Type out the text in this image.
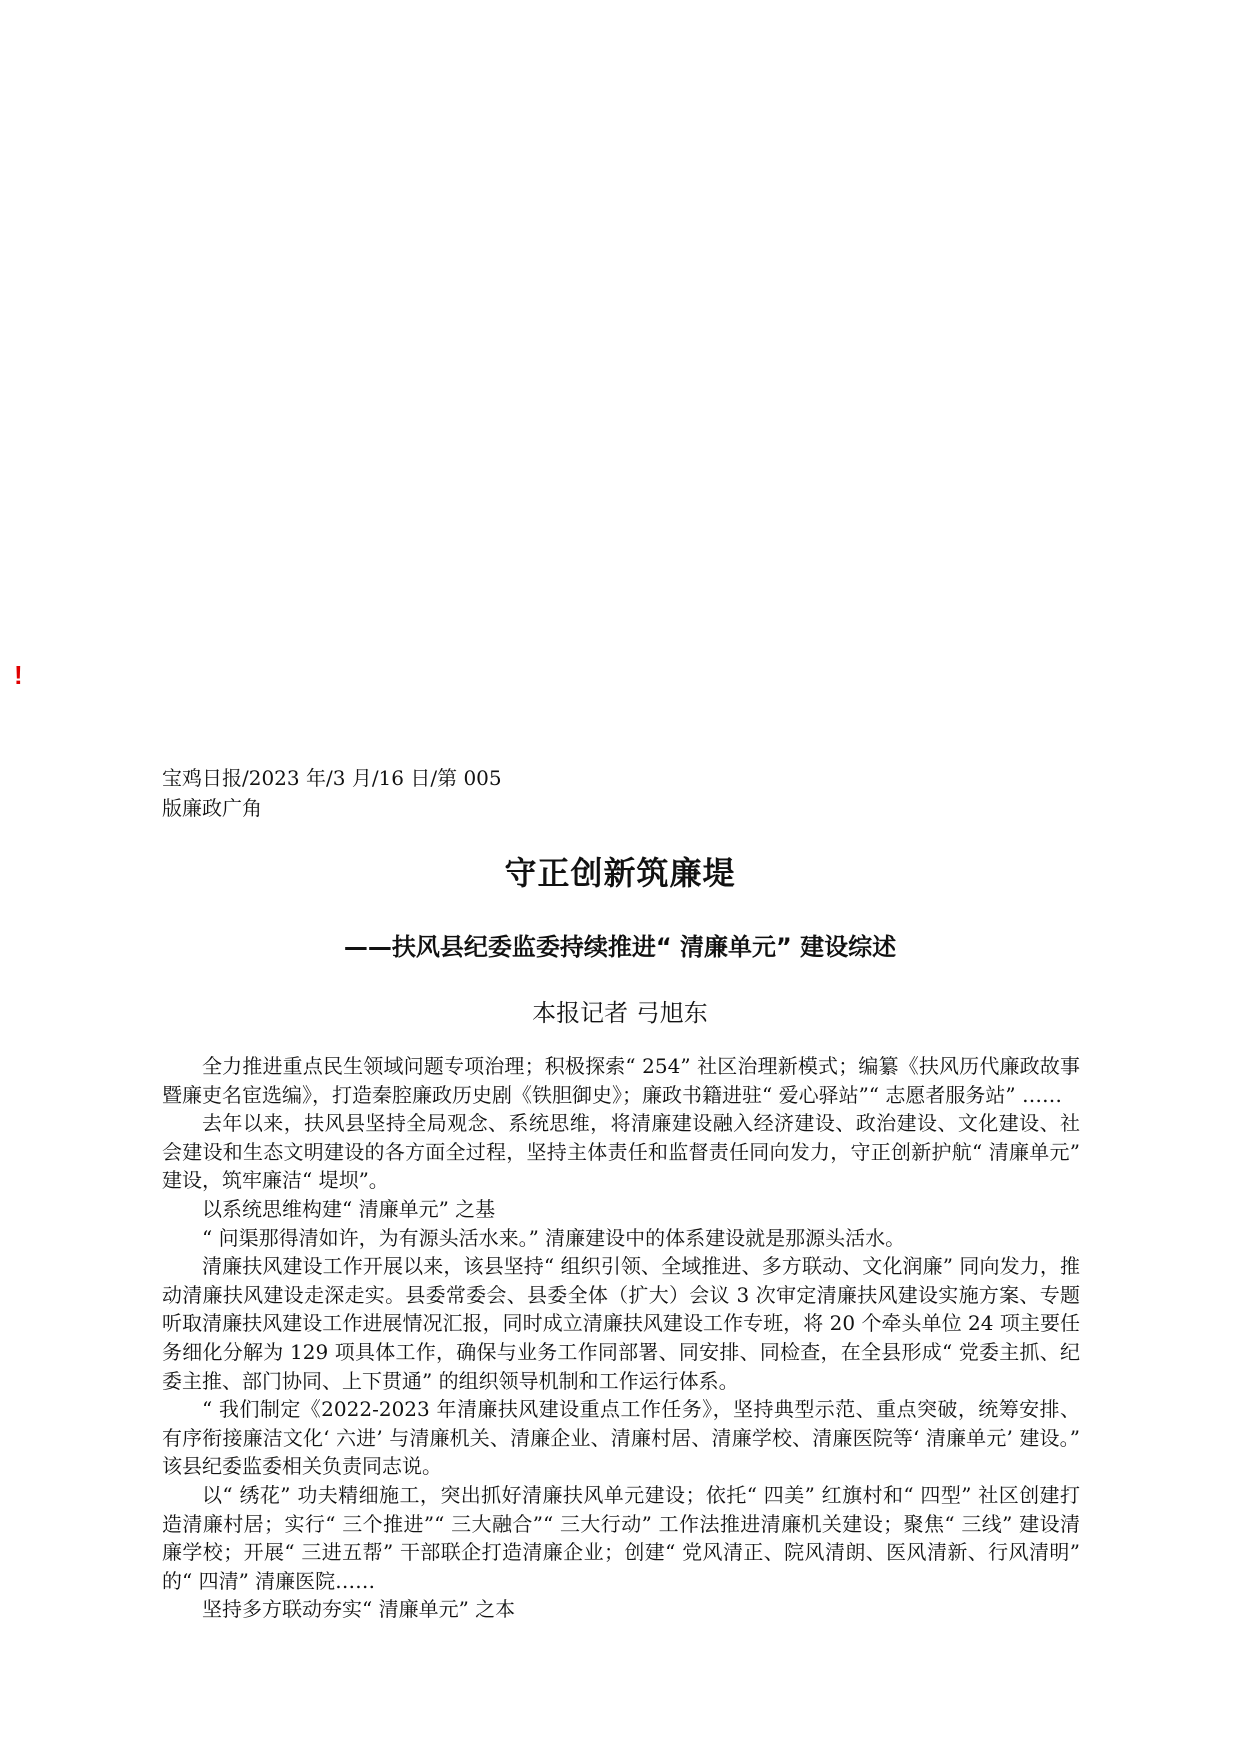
!
宝鸡日报/2023 年/3 月/16 日/第 005
版廉政广角
守正创新筑廉堤
——扶风县纪委监委持续推进“ 清廉单元” 建设综述
本报记者 弓旭东

全力推进重点民生领域问题专项治理；积极探索“ 254” 社区治理新模式；编纂《扶风历代廉政故事暨廉吏名宦选编》，打造秦腔廉政历史剧《铁胆御史》；廉政书籍进驻“ 爱心驿站”“ 志愿者服务站” ……

去年以来，扶风县坚持全局观念、系统思维，将清廉建设融入经济建设、政治建设、文化建设、社会建设和生态文明建设的各方面全过程，坚持主体责任和监督责任同向发力，守正创新护航“ 清廉单元” 建设，筑牢廉洁“ 堤坝”。

以系统思维构建“ 清廉单元” 之基

“ 问渠那得清如许，为有源头活水来。” 清廉建设中的体系建设就是那源头活水。

清廉扶风建设工作开展以来，该县坚持“ 组织引领、全域推进、多方联动、文化润廉” 同向发力，推动清廉扶风建设走深走实。县委常委会、县委全体（扩大）会议 3 次审定清廉扶风建设实施方案、专题听取清廉扶风建设工作进展情况汇报，同时成立清廉扶风建设工作专班，将 20 个牵头单位 24 项主要任务细化分解为 129 项具体工作，确保与业务工作同部署、同安排、同检查，在全县形成“ 党委主抓、纪委主推、部门协同、上下贯通” 的组织领导机制和工作运行体系。

“ 我们制定《2022-2023 年清廉扶风建设重点工作任务》，坚持典型示范、重点突破，统筹安排、有序衔接廉洁文化‘ 六进’ 与清廉机关、清廉企业、清廉村居、清廉学校、清廉医院等‘ 清廉单元’ 建设。” 该县纪委监委相关负责同志说。

以“ 绣花” 功夫精细施工，突出抓好清廉扶风单元建设；依托“ 四美” 红旗村和“ 四型” 社区创建打造清廉村居；实行“ 三个推进”“ 三大融合”“ 三大行动” 工作法推进清廉机关建设；聚焦“ 三线” 建设清廉学校；开展“ 三进五帮” 干部联企打造清廉企业；创建“ 党风清正、院风清朗、医风清新、行风清明” 的“ 四清” 清廉医院……

坚持多方联动夯实“ 清廉单元” 之本
